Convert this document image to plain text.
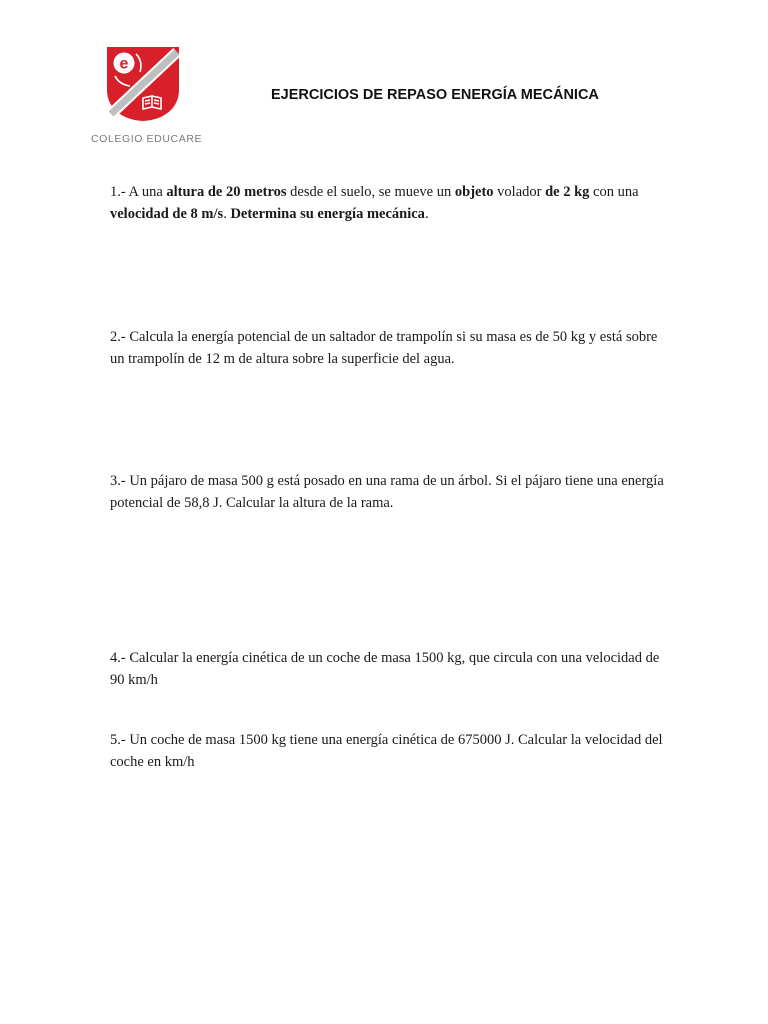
e
COLEGIO EDUCARE
EJERCICIOS DE REPASO ENERGÍA MECÁNICA

1.- A una altura de 20 metros desde el suelo, se mueve un objeto volador de 2 kg con una velocidad de 8 m/s. Determina su energía mecánica.

2.- Calcula la energía potencial de un saltador de trampolín si su masa es de 50 kg y está sobre un trampolín de 12 m de altura sobre la superficie del agua.

3.- Un pájaro de masa 500 g está posado en una rama de un árbol. Si el pájaro tiene una energía potencial de 58,8 J. Calcular la altura de la rama.

4.- Calcular la energía cinética de un coche de masa 1500 kg, que circula con una velocidad de 90 km/h

5.- Un coche de masa 1500 kg tiene una energía cinética de 675000 J. Calcular la velocidad del coche en km/h
